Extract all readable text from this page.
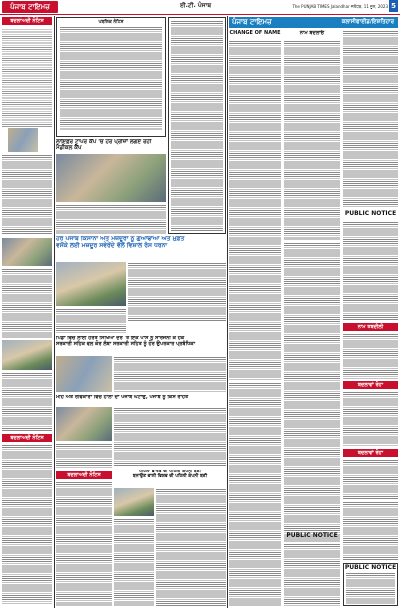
ਪੰਜਾਬ ਟਾਇਮਜ਼	ਈ.ਟੀ. ਪੰਜਾਬ	The PUNJAB TIMES Jalandhar ਜਲੰਧਰ, 11 ਜੂਨ, 2023 5
ਬਦਲਾਅਦੀ ਨੋਟਿਸ
ਬਦਲਾਅਦੀ ਨੋਟਿਸ
ਪਬਲਿਕ ਨੋਟਿਸ
ਲਾਇਫ਼ਰ ਟਾਪਰ ਕੈਂਪ 'ਚ ਹਰ ਪ੍ਰੀਜ਼ਾਂ ਲਗਏ ਰਹੀ ਮੈਡੀਕਲ ਕੈਂਪ
ਹਰ ਪੰਜਾਬ ਕਿਸਾਨਾਂ ਅਤੇ ਮਜ਼ਦੂਰਾਂ ਨੂੰ ਗੁਆਂਢਾਂਆਂ ਅਤੇ ਮੁਫ਼ਤ
ਵਸੋਂਕੇ ਲਈ ਮਜ਼ਦੂਰ ਸਵੇਰੇਂਦੇ ਵੱਲੋਂ ਵਿਸ਼ਾਲ ਰੋਸ ਧਰਨਾ
ਪਿੰਡਾਂ ਵਿੱਚ ਲਾਈ ਹਰਤ ਸਿੱਖਿਆ ਦਰ 'ਤੇ ਇੱਕ ਪਾਸੇ ਨੂੰ ਸਾਰਜਨੀ ਕੋ ਹਕ
ਸਰਕਾਰੀ ਸਹਿਕ ਵਲ ਕੋਰ ਲੰਬਾ ਸਰਕਾਰੀ ਸਹਿਤ ਨੂੰ ਹੋਰ ਉਪਰਕਾਰ ਪ੍ਰਬੰਧਿਕਾ
ਮੀਂਹ ਅਤੇ ਰਵਿੰਕਾਰਾਂ ਵਿੱਚ ਹਾਲਾਂ ਦਾ ਪੰਜਾਬ ਘਟਾਉ, ਪੰਜਾਬ ਨੂੰ ਕਿਸੇ ਰਾਹਤ
ਬਦਲਾਅਦੀ ਨੋਟਿਸ
ਪਹਿਲਾ ਭਾਰਤ ਦੀ ਪਹਿਲੀ ਕੰਪਨੀ ਬਣੀ
ਬਨਾਉਣ ਵਾਲੀ ਵਿਸ਼ਵ ਦੀ ਪਹਿਲੀ ਕੰਪਨੀ ਬਣੀ
ਪੰਜਾਬ ਟਾਇਮਜ਼	ਕਲਾਸੀਫਾਈਡ/ਇਸ਼ਤਿਹਾਰ
CHANGE OF NAME	ਨਾਮ ਬਦਲਾਓ
PUBLIC NOTICE
ਨਾਮ ਤਬਦੀਲੀ
ਬਦਲਾਵਾਂ ਰੋਹਾ
ਬਦਲਾਵਾਂ ਰੋਹਾ
PUBLIC NOTICE
PUBLIC NOTICE
